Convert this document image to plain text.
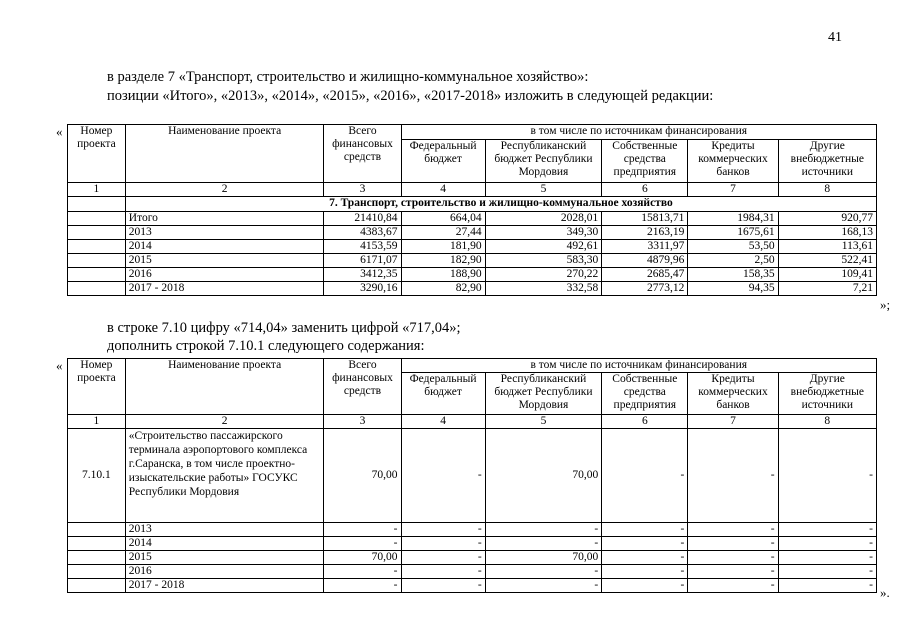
41
в разделе 7 «Транспорт, строительство и жилищно-коммунальное хозяйство»:
позиции «Итого», «2013», «2014», «2015», «2016», «2017-2018» изложить в следующей редакции:
« Номер проекта	Наименование проекта	Всего финансовых средств	в том числе по источникам финансирования				
			Федеральный бюджет	Республиканский бюджет Республики Мордовия	Собственные средства предприятия	Кредиты коммерческих банков	Другие внебюджетные источники
1	2	3	4	5	6	7	8
	7. Транспорт, строительство и жилищно-коммунальное хозяйство						
	Итого	21410,84	664,04	2028,01	15813,71	1984,31	920,77
	2013	4383,67	27,44	349,30	2163,19	1675,61	168,13
	2014	4153,59	181,90	492,61	3311,97	53,50	113,61
	2015	6171,07	182,90	583,30	4879,96	2,50	522,41
	2016	3412,35	188,90	270,22	2685,47	158,35	109,41
	2017 - 2018	3290,16	82,90	332,58	2773,12	94,35	7,21
»;
в строке 7.10 цифру «714,04» заменить цифрой «717,04»;
дополнить строкой 7.10.1 следующего содержания:
« Номер проекта	Наименование проекта	Всего финансовых средств	в том числе по источникам финансирования				
			Федеральный бюджет	Республиканский бюджет Республики Мордовия	Собственные средства предприятия	Кредиты коммерческих банков	Другие внебюджетные источники
1	2	3	4	5	6	7	8
7.10.1	«Строительство пассажирского терминала аэропортового комплекса г.Саранска, в том числе проектно-изыскательские работы» ГОСУКС Республики Мордовия	70,00	-	70,00	-	-	-
	2013	-	-	-	-	-	-
	2014	-	-	-	-	-	-
	2015	70,00	-	70,00	-	-	-
	2016	-	-	-	-	-	-
	2017 - 2018	-	-	-	-	-	- ».
